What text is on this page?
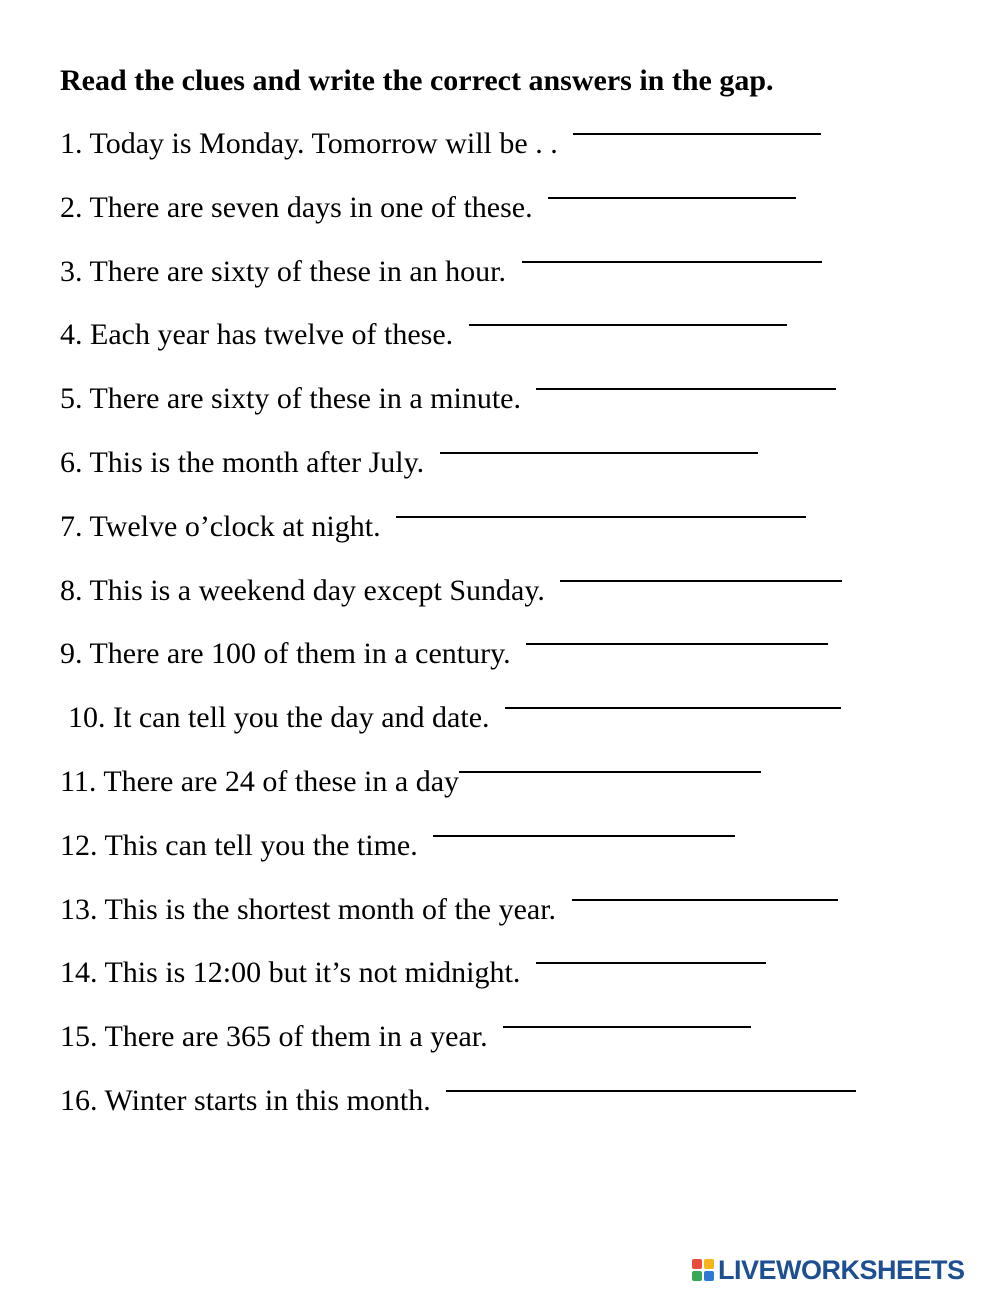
Read the clues and write the correct answers in the gap.
1. Today is Monday. Tomorrow will be . .
2. There are seven days in one of these.
3. There are sixty of these in an hour.
4. Each year has twelve of these.
5. There are sixty of these in a minute.
6. This is the month after July.
7. Twelve o’clock at night.
8. This is a weekend day except Sunday.
9. There are 100 of them in a century.
10. It can tell you the day and date.
11. There are 24 of these in a day
12. This can tell you the time.
13. This is the shortest month of the year.
14. This is 12:00 but it’s not midnight.
15. There are 365 of them in a year.
16. Winter starts in this month.
LIVEWORKSHEETS
